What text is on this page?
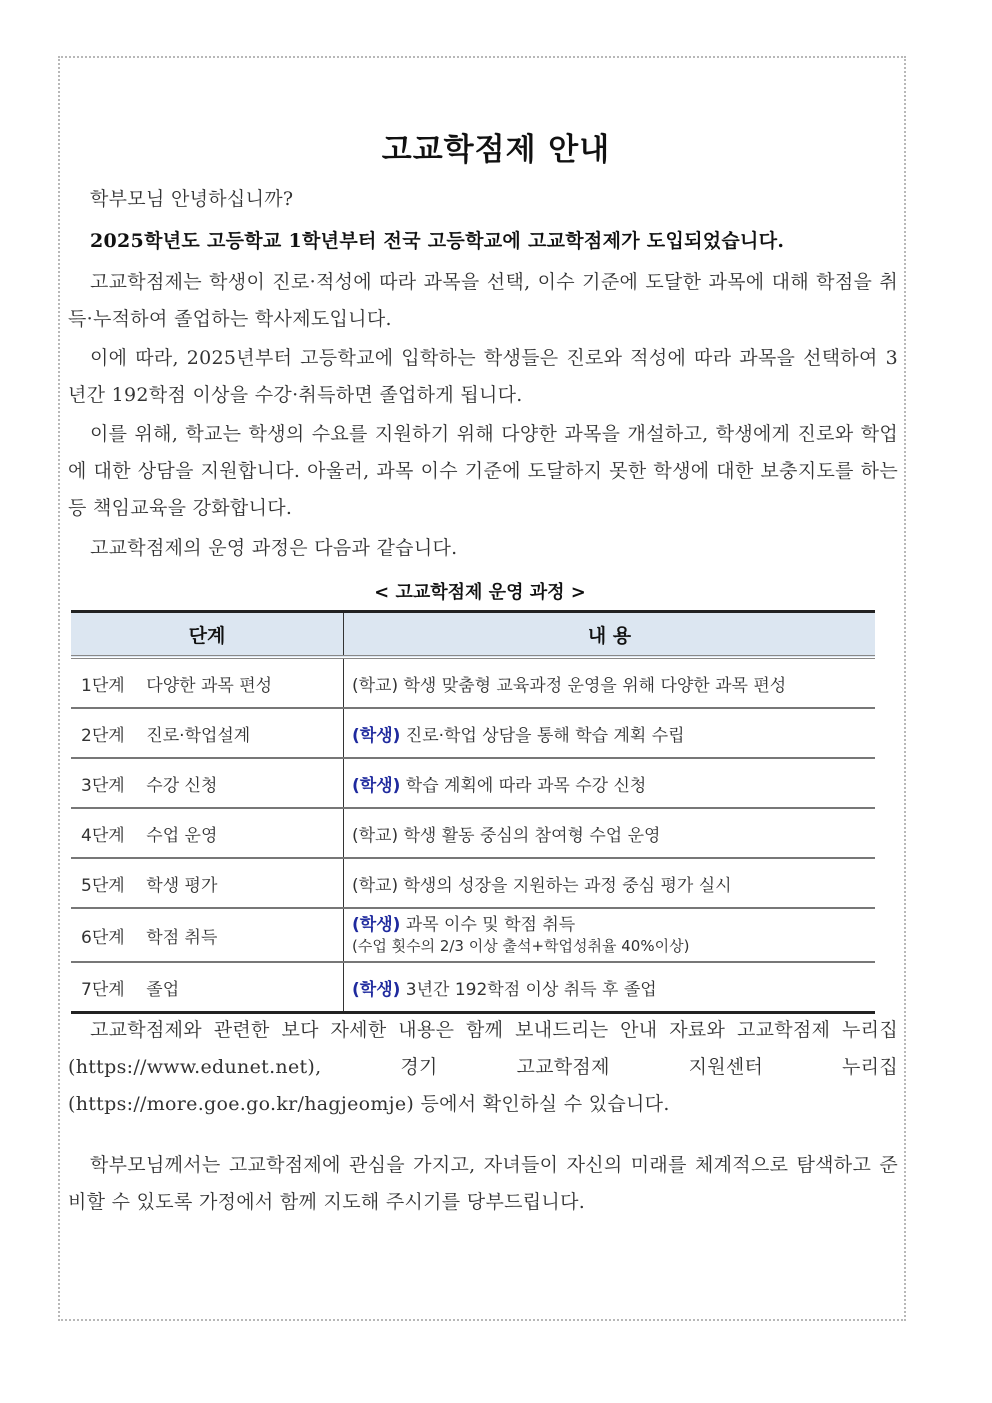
고교학점제 안내
학부모님 안녕하십니까?
2025학년도 고등학교 1학년부터 전국 고등학교에 고교학점제가 도입되었습니다.
고교학점제는 학생이 진로·적성에 따라 과목을 선택, 이수 기준에 도달한 과목에 대해 학점을 취득·누적하여 졸업하는 학사제도입니다.
이에 따라, 2025년부터 고등학교에 입학하는 학생들은 진로와 적성에 따라 과목을 선택하여 3년간 192학점 이상을 수강·취득하면 졸업하게 됩니다.
이를 위해, 학교는 학생의 수요를 지원하기 위해 다양한 과목을 개설하고, 학생에게 진로와 학업에 대한 상담을 지원합니다. 아울러, 과목 이수 기준에 도달하지 못한 학생에 대한 보충지도를 하는 등 책임교육을 강화합니다.
고교학점제의 운영 과정은 다음과 같습니다.
< 고교학점제 운영 과정 >
단계	내 용
1단계    다양한 과목 편성	(학교) 학생 맞춤형 교육과정 운영을 위해 다양한 과목 편성
2단계    진로·학업설계	(학생) 진로·학업 상담을 통해 학습 계획 수립
3단계    수강 신청	(학생) 학습 계획에 따라 과목 수강 신청
4단계    수업 운영	(학교) 학생 활동 중심의 참여형 수업 운영
5단계    학생 평가	(학교) 학생의 성장을 지원하는 과정 중심 평가 실시
6단계    학점 취득	(학생) 과목 이수 및 학점 취득
(수업 횟수의 2/3 이상 출석+학업성취율 40%이상)

7단계    졸업	(학생) 3년간 192학점 이상 취득 후 졸업
고교학점제와 관련한 보다 자세한 내용은 함께 보내드리는 안내 자료와 고교학점제 누리집(https://www.edunet.net), 경기 고교학점제 지원센터 누리집(https://more.goe.go.kr/hagjeomje) 등에서 확인하실 수 있습니다.
학부모님께서는 고교학점제에 관심을 가지고, 자녀들이 자신의 미래를 체계적으로 탐색하고 준비할 수 있도록 가정에서 함께 지도해 주시기를 당부드립니다.
